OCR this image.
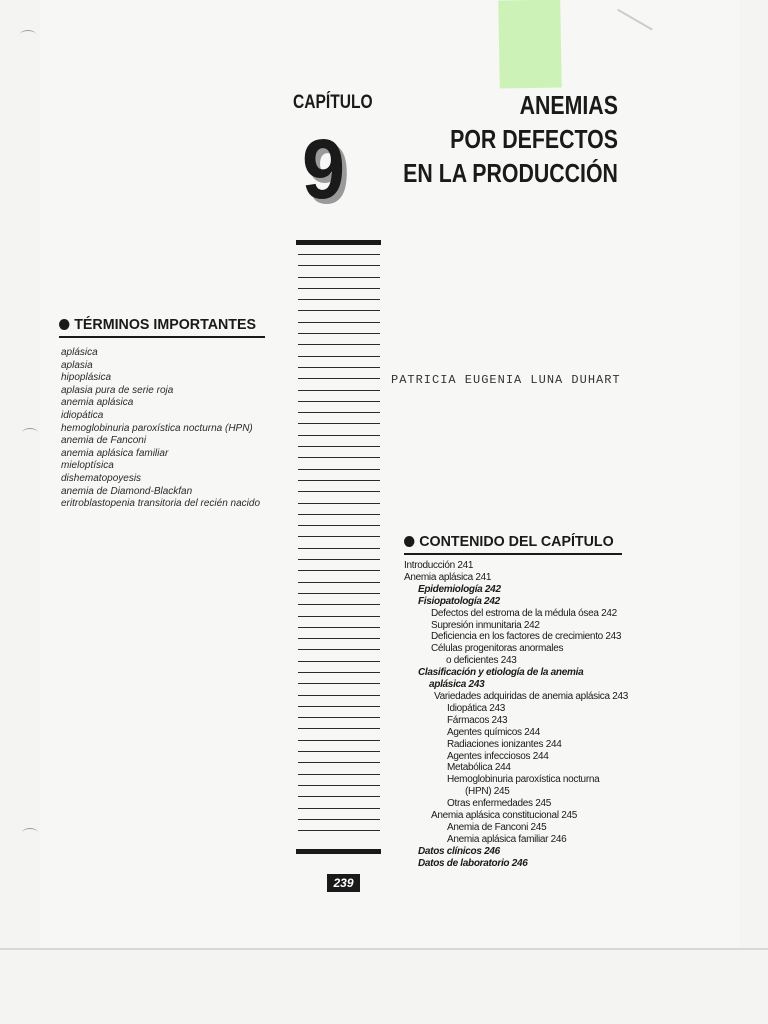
CAPÍTULO
9
ANEMIAS
POR DEFECTOS
EN LA PRODUCCIÓN
PATRICIA EUGENIA LUNA DUHART
239
TÉRMINOS IMPORTANTES
aplásica
aplasia
hipoplásica
aplasia pura de serie roja
anemia aplásica
idiopática
hemoglobinuria paroxística nocturna (HPN)
anemia de Fanconi
anemia aplásica familiar
mieloptísica
dishematopoyesis
anemia de Diamond-Blackfan
eritroblastopenia transitoria del recién nacido
CONTENIDO DEL CAPÍTULO
Introducción 241
Anemia aplásica 241
Epidemiología 242
Fisiopatología 242
Defectos del estroma de la médula ósea 242
Supresión inmunitaria 242
Deficiencia en los factores de crecimiento 243
Células progenitoras anormales
o deficientes 243
Clasificación y etiología de la anemia
aplásica 243
Variedades adquiridas de anemia aplásica 243
Idiopática 243
Fármacos 243
Agentes químicos 244
Radiaciones ionizantes 244
Agentes infecciosos 244
Metabólica 244
Hemoglobinuria paroxística nocturna
(HPN) 245
Otras enfermedades 245
Anemia aplásica constitucional 245
Anemia de Fanconi 245
Anemia aplásica familiar 246
Datos clínicos 246
Datos de laboratorio 246
